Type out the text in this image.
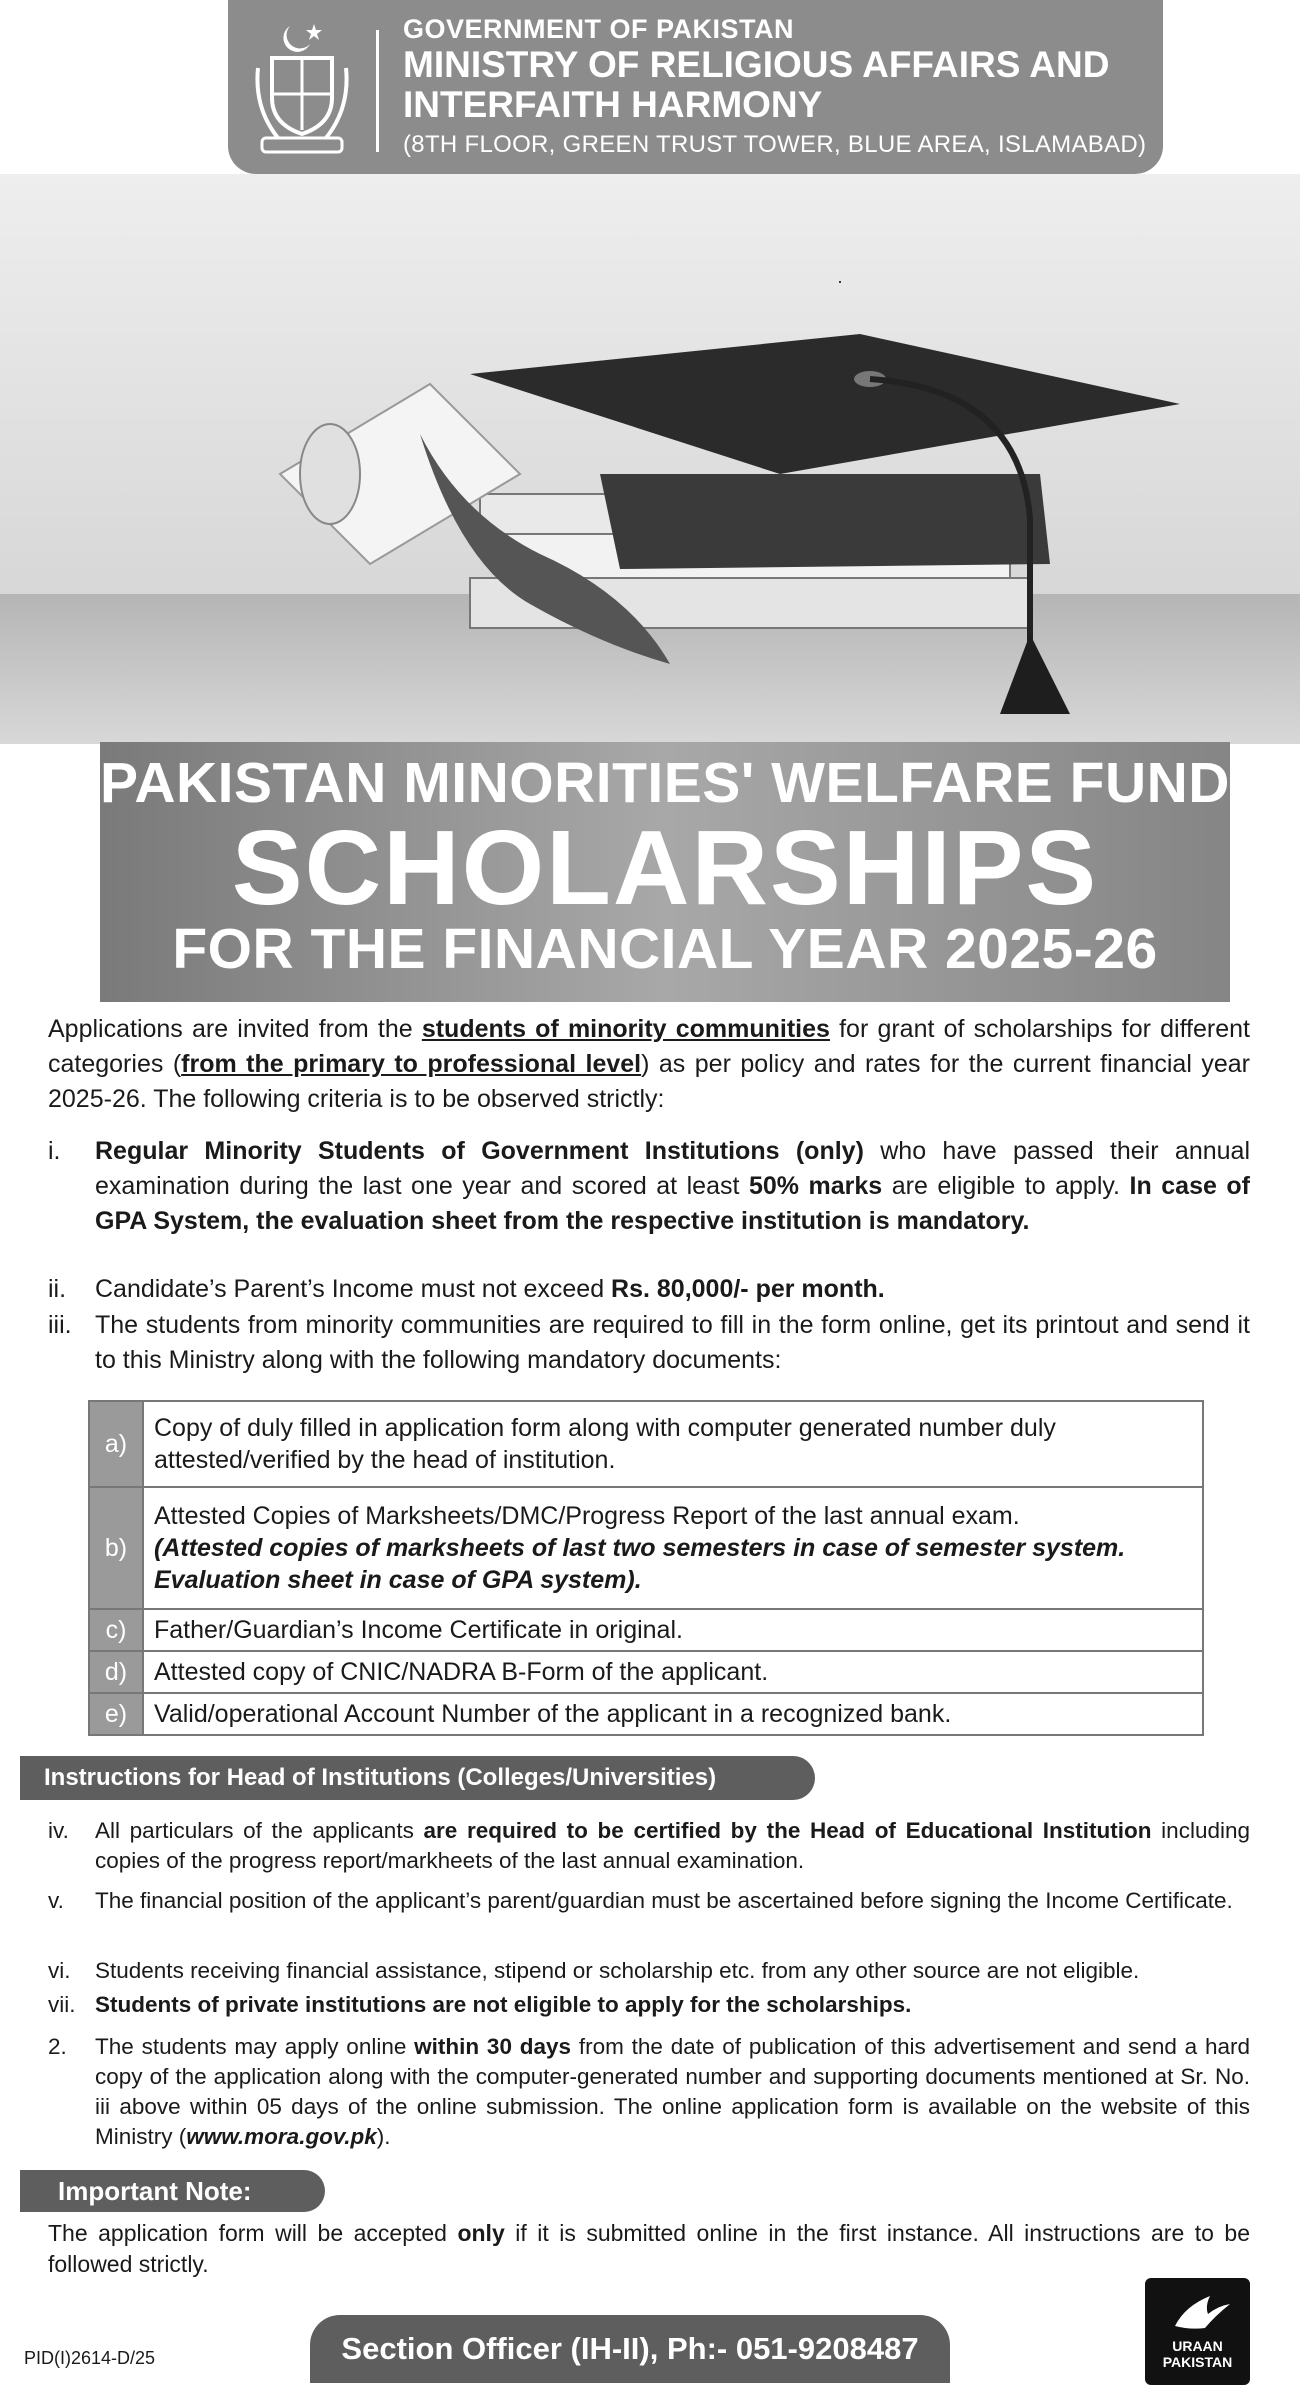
GOVERNMENT OF PAKISTAN
MINISTRY OF RELIGIOUS AFFAIRS AND
INTERFAITH HARMONY
(8TH FLOOR, GREEN TRUST TOWER, BLUE AREA, ISLAMABAD)
PAKISTAN MINORITIES' WELFARE FUND
SCHOLARSHIPS
FOR THE FINANCIAL YEAR 2025-26
Applications are invited from the students of minority communities for grant of scholarships for different categories (from the primary to professional level) as per policy and rates for the current financial year 2025-26. The following criteria is to be observed strictly:
i.	Regular Minority Students of Government Institutions (only) who have passed their annual examination during the last one year and scored at least 50% marks are eligible to apply. In case of GPA System, the evaluation sheet from the respective institution is mandatory.
ii.	Candidate’s Parent’s Income must not exceed Rs. 80,000/- per month.
iii. The students from minority communities are required to fill in the form online, get its printout and send it to this Ministry along with the following mandatory documents:
a)	Copy of duly filled in application form along with computer generated number duly attested/verified by the head of institution.
b)	Attested Copies of Marksheets/DMC/Progress Report of the last annual exam.
(Attested copies of marksheets of last two semesters in case of semester system. Evaluation sheet in case of GPA system).
c)	Father/Guardian’s Income Certificate in original.
d)	Attested copy of CNIC/NADRA B-Form of the applicant.
e)	Valid/operational Account Number of the applicant in a recognized bank.
Instructions for Head of Institutions (Colleges/Universities)
iv. All particulars of the applicants are required to be certified by the Head of Educational Institution including copies of the progress report/markheets of the last annual examination.
v. The financial position of the applicant’s parent/guardian must be ascertained before signing the Income Certificate.
vi. Students receiving financial assistance, stipend or scholarship etc. from any other source are not eligible.
vii. Students of private institutions are not eligible to apply for the scholarships.
2. The students may apply online within 30 days from the date of publication of this advertisement and send a hard copy of the application along with the computer-generated number and supporting documents mentioned at Sr. No. iii above within 05 days of the online submission. The online application form is available on the website of this Ministry (www.mora.gov.pk).
Important Note:
The application form will be accepted only if it is submitted online in the first instance. All instructions are to be followed strictly.
PID(I)2614-D/25	Section Officer (IH-II), Ph:- 051-9208487	URAAN PAKISTAN
